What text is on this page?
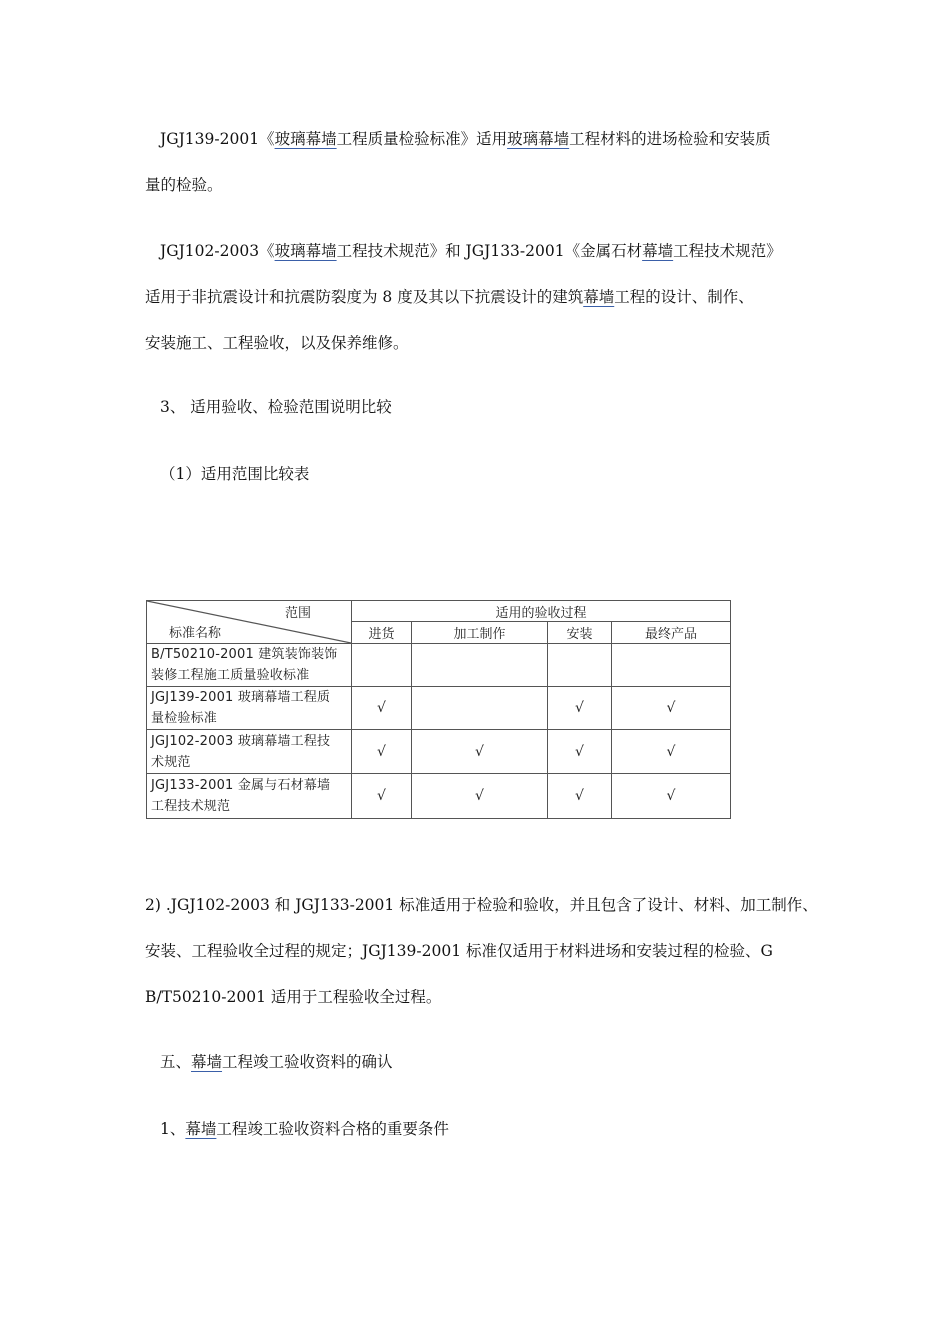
JGJ139-2001《玻璃幕墙工程质量检验标准》适用玻璃幕墙工程材料的进场检验和安装质
量的检验。

JGJ102-2003《玻璃幕墙工程技术规范》和 JGJ133-2001《金属石材幕墙工程技术规范》
适用于非抗震设计和抗震防裂度为 8 度及其以下抗震设计的建筑幕墙工程的设计、制作、
安装施工、工程验收，以及保养维修。

3、 适用验收、检验范围说明比较

（1）适用范围比较表

范围
标准名称	适用的验收过程			
	进货	加工制作	安装	最终产品
B/T50210-2001 建筑装饰装饰
装修工程施工质量验收标准				
JGJ139-2001 玻璃幕墙工程质
量检验标准	√		√	√
JGJ102-2003 玻璃幕墙工程技
术规范	√	√	√	√
JGJ133-2001 金属与石材幕墙
工程技术规范	√	√	√	√

2) .JGJ102-2003 和 JGJ133-2001 标准适用于检验和验收，并且包含了设计、材料、加工制作、
安装、工程验收全过程的规定；JGJ139-2001 标准仅适用于材料进场和安装过程的检验、G
B/T50210-2001 适用于工程验收全过程。

五、幕墙工程竣工验收资料的确认

1、幕墙工程竣工验收资料合格的重要条件
